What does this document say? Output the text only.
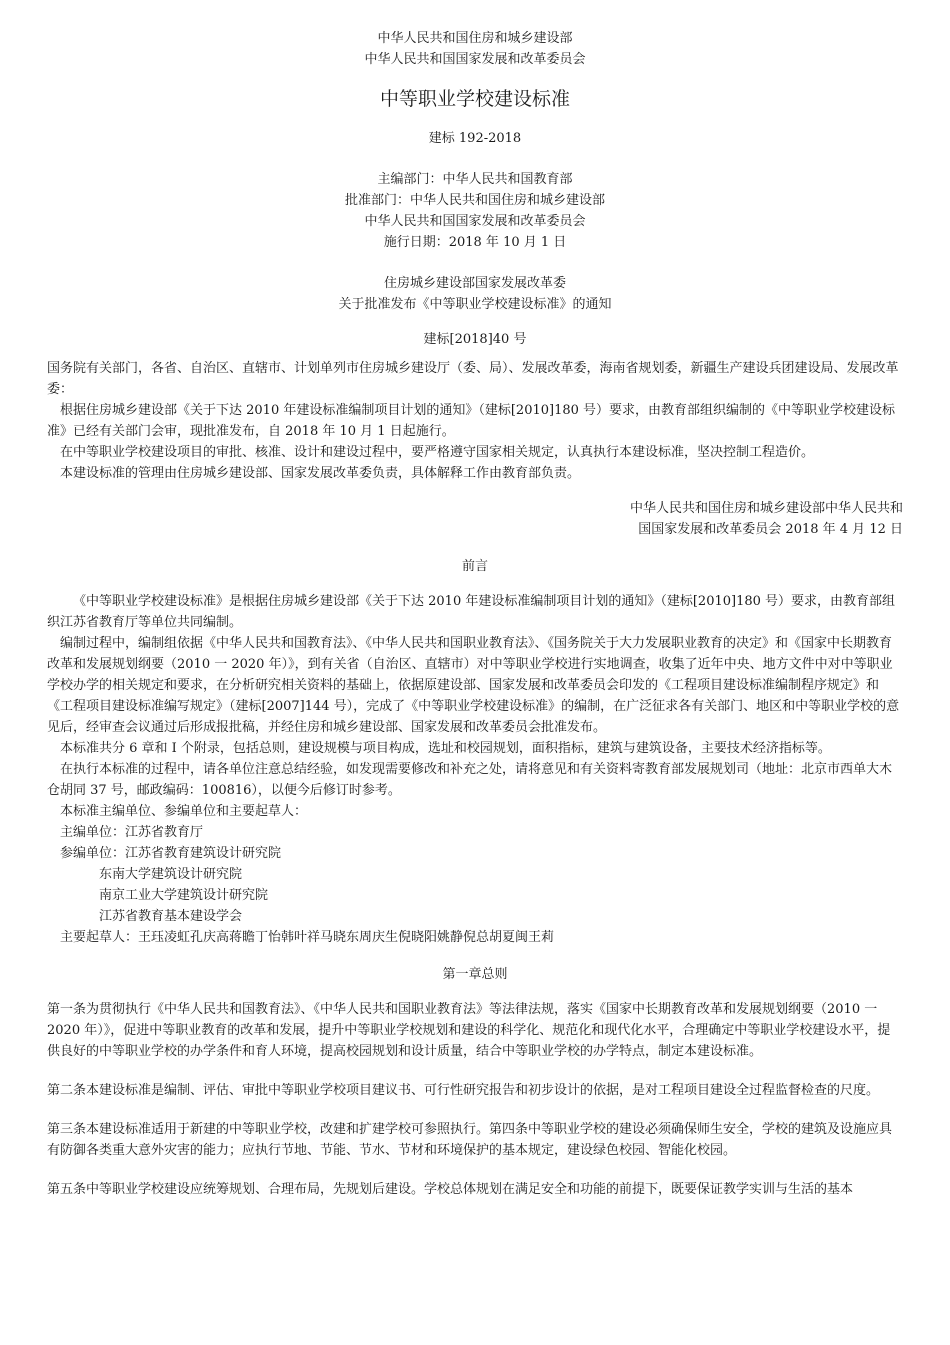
中华人民共和国住房和城乡建设部
中华人民共和国国家发展和改革委员会
中等职业学校建设标准
建标 192-2018
主编部门：中华人民共和国教育部
批准部门：中华人民共和国住房和城乡建设部
中华人民共和国国家发展和改革委员会
施行日期：2018 年 10 月 1 日
住房城乡建设部国家发展改革委
关于批准发布《中等职业学校建设标准》的通知
建标[2018]40 号

国务院有关部门，各省、自治区、直辖市、计划单列市住房城乡建设厅（委、局）、发展改革委，海南省规划委，新疆生产建设兵团建设局、发展改革委：

根据住房城乡建设部《关于下达 2010 年建设标准编制项目计划的通知》（建标[2010]180 号）要求，由教育部组织编制的《中等职业学校建设标准》已经有关部门会审，现批准发布，自 2018 年 10 月 1 日起施行。

在中等职业学校建设项目的审批、核准、设计和建设过程中，要严格遵守国家相关规定，认真执行本建设标准，坚决控制工程造价。

本建设标准的管理由住房城乡建设部、国家发展改革委负责，具体解释工作由教育部负责。

中华人民共和国住房和城乡建设部中华人民共和国国家发展和改革委员会 2018 年 4 月 12 日
前言

《中等职业学校建设标准》是根据住房城乡建设部《关于下达 2010 年建设标准编制项目计划的通知》（建标[2010]180 号）要求，由教育部组织江苏省教育厅等单位共同编制。

编制过程中，编制组依据《中华人民共和国教育法》、《中华人民共和国职业教育法》、《国务院关于大力发展职业教育的决定》和《国家中长期教育改革和发展规划纲要（2010 一 2020 年）》，到有关省（自治区、直辖市）对中等职业学校进行实地调查，收集了近年中央、地方文件中对中等职业学校办学的相关规定和要求，在分析研究相关资料的基础上，依据原建设部、国家发展和改革委员会印发的《工程项目建设标准编制程序规定》和《工程项目建设标准编写规定》（建标[2007]144 号），完成了《中等职业学校建设标准》的编制，在广泛征求各有关部门、地区和中等职业学校的意见后，经审查会议通过后形成报批稿，并经住房和城乡建设部、国家发展和改革委员会批准发布。

本标准共分 6 章和 I 个附录，包括总则，建设规模与项目构成，选址和校园规划，面积指标，建筑与建筑设备，主要技术经济指标等。

在执行本标准的过程中，请各单位注意总结经验，如发现需要修改和补充之处，请将意见和有关资料寄教育部发展规划司（地址：北京市西单大木仓胡同 37 号，邮政编码：100816），以便今后修订时参考。

本标准主编单位、参编单位和主要起草人：

主编单位：江苏省教育厅

参编单位：江苏省教育建筑设计研究院

东南大学建筑设计研究院

南京工业大学建筑设计研究院

江苏省教育基本建设学会

主要起草人：王珏凌虹孔庆高蒋瞻丁怡韩叶祥马晓东周庆生倪晓阳姚静倪总胡夏闽王莉

第一章总则

第一条为贯彻执行《中华人民共和国教育法》、《中华人民共和国职业教育法》等法律法规，落实《国家中长期教育改革和发展规划纲要（2010 一 2020 年）》，促进中等职业教育的改革和发展，提升中等职业学校规划和建设的科学化、规范化和现代化水平，合理确定中等职业学校建设水平，提供良好的中等职业学校的办学条件和育人环境，提高校园规划和设计质量，结合中等职业学校的办学特点，制定本建设标准。

第二条本建设标准是编制、评估、审批中等职业学校项目建议书、可行性研究报告和初步设计的依据，是对工程项目建设全过程监督检查的尺度。

第三条本建设标准适用于新建的中等职业学校，改建和扩建学校可参照执行。第四条中等职业学校的建设必须确保师生安全，学校的建筑及设施应具有防御各类重大意外灾害的能力；应执行节地、节能、节水、节材和环境保护的基本规定，建设绿色校园、智能化校园。

第五条中等职业学校建设应统筹规划、合理布局，先规划后建设。学校总体规划在满足安全和功能的前提下，既要保证教学实训与生活的基本
